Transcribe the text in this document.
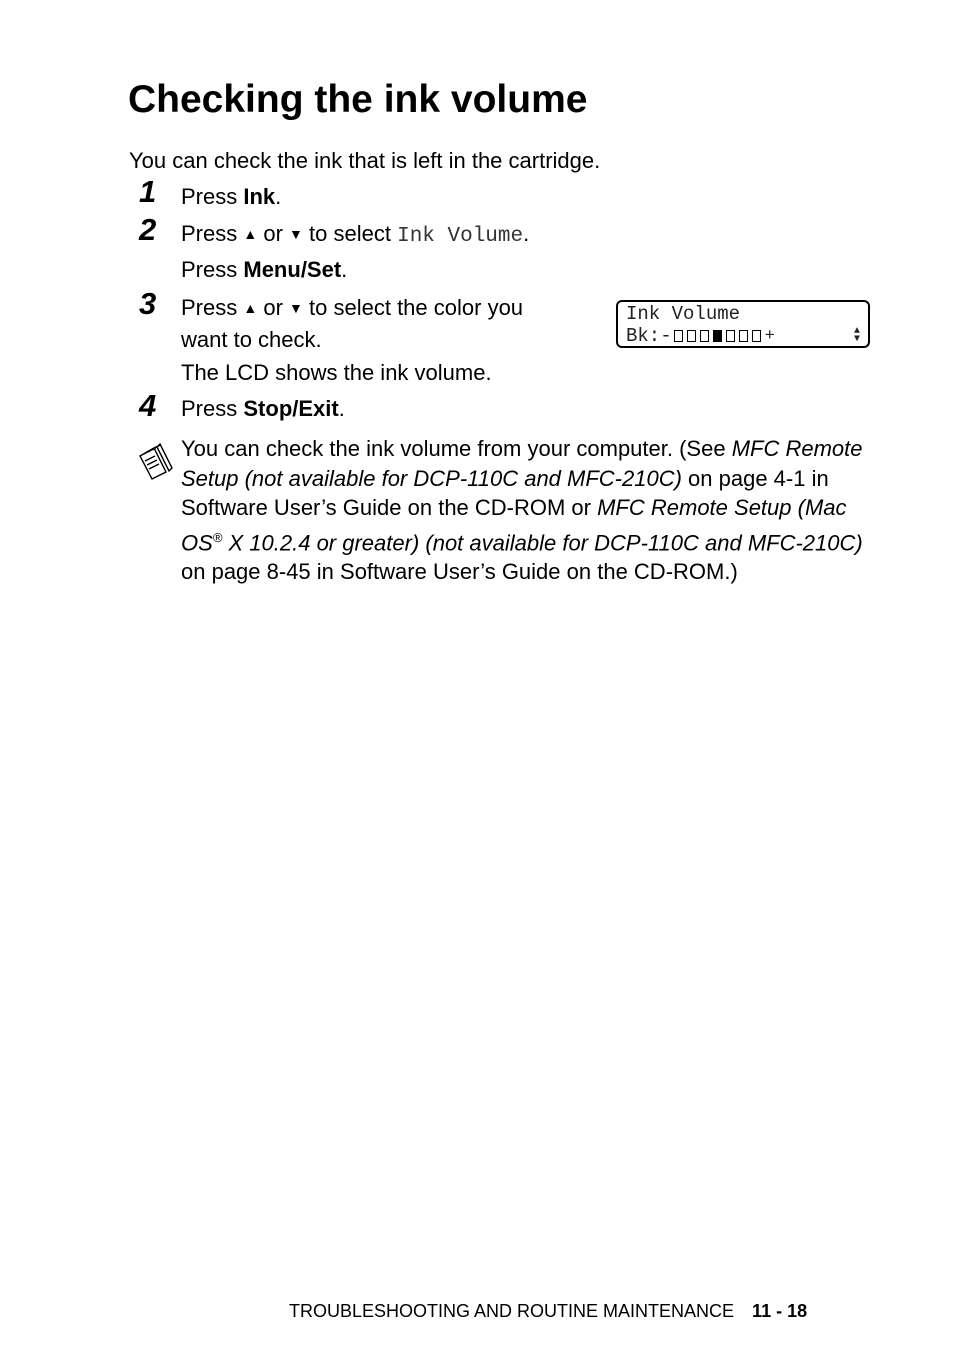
Checking the ink volume
You can check the ink that is left in the cartridge.
1 Press Ink.
2 Press ▲ or ▼ to select Ink Volume.
Press Menu/Set.
3 Press ▲ or ▼ to select the color you
want to check.
The LCD shows the ink volume.
Ink Volume
Bk:-	+	▲
▼
4 Press Stop/Exit.
You can check the ink volume from your computer. (See MFC Remote Setup (not available for DCP-110C and MFC-210C) on page 4-1 in Software User’s Guide on the CD-ROM or MFC Remote Setup (Mac OS® X 10.2.4 or greater) (not available for DCP-110C and MFC-210C) on page 8-45 in Software User’s Guide on the CD-ROM.)
TROUBLESHOOTING AND ROUTINE MAINTENANCE 11 - 18
